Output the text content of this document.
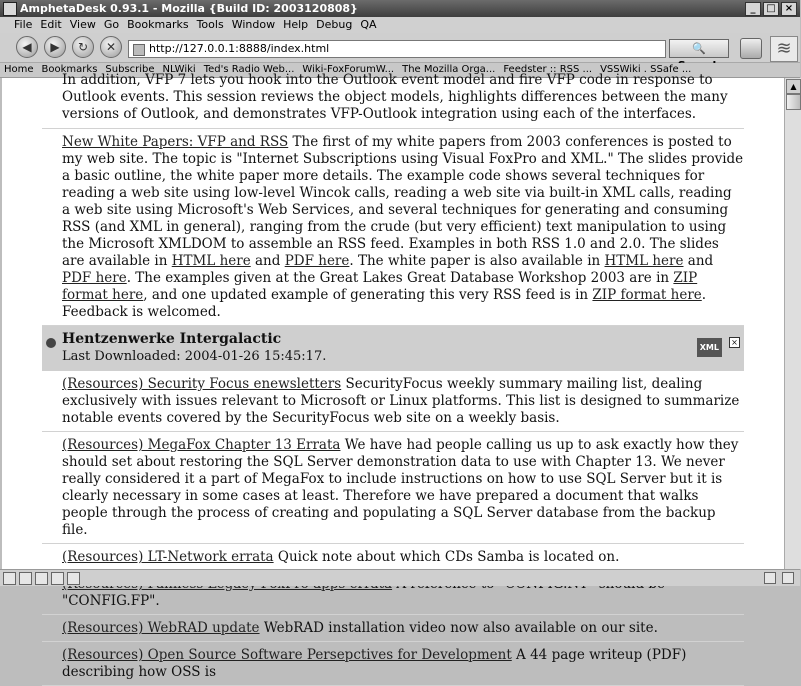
AmphetaDesk 0.93.1 - Mozilla {Build ID: 2003120808}	_	□ ×
File Edit View Go Bookmarks Tools Window Help Debug QA
◀	▶	↻	✕	http://127.0.0.1:8888/index.html	🔍	≋
Home Bookmarks Subscribe NLWiki Ted's Radio Web... Wiki-FoxForumW... The Mozilla Orga... Feedster :: RSS ... VSSWiki . SSafe ...
In addition, VFP 7 lets you hook into the Outlook event model and fire VFP code in response to Outlook events. This session reviews the object models, highlights differences between the many versions of Outlook, and demonstrates VFP-Outlook integration using each of the interfaces.
New White Papers: VFP and RSS The first of my white papers from 2003 conferences is posted to my web site. The topic is "Internet Subscriptions using Visual FoxPro and XML." The slides provide a basic outline, the white paper more details. The example code shows several techniques for reading a web site using low-level Wincok calls, reading a web site via built-in XML calls, reading a web site using Microsoft's Web Services, and several techniques for generating and consuming RSS (and XML in general), ranging from the crude (but very efficient) text manipulation to using the Microsoft XMLDOM to assemble an RSS feed. Examples in both RSS 1.0 and 2.0. The slides are available in HTML here and PDF here. The white paper is also available in HTML here and PDF here. The examples given at the Great Lakes Great Database Workshop 2003 are in ZIP format here, and one updated example of generating this very RSS feed is in ZIP format here. Feedback is welcomed.
Hentzenwerke Intergalactic
Last Downloaded: 2004-01-26 15:45:17.
XML
×
(Resources) Security Focus enewsletters SecurityFocus weekly summary mailing list, dealing exclusively with issues relevant to Microsoft or Linux platforms. This list is designed to summarize notable events covered by the SecurityFocus web site on a weekly basis.
(Resources) MegaFox Chapter 13 Errata We have had people calling us up to ask exactly how they should set about restoring the SQL Server demonstration data to use with Chapter 13. We never really considered it a part of MegaFox to include instructions on how to use SQL Server but it is clearly necessary in some cases at least. Therefore we have prepared a document that walks people through the process of creating and populating a SQL Server database from the backup file.
(Resources) LT-Network errata Quick note about which CDs Samba is located on.
"CONFIG.FP".
(Resources) WebRAD update WebRAD installation video now also available on our site.
(Resources) Open Source Software Persepctives for Development A 44 page writeup (PDF) describing how OSS is
▲
